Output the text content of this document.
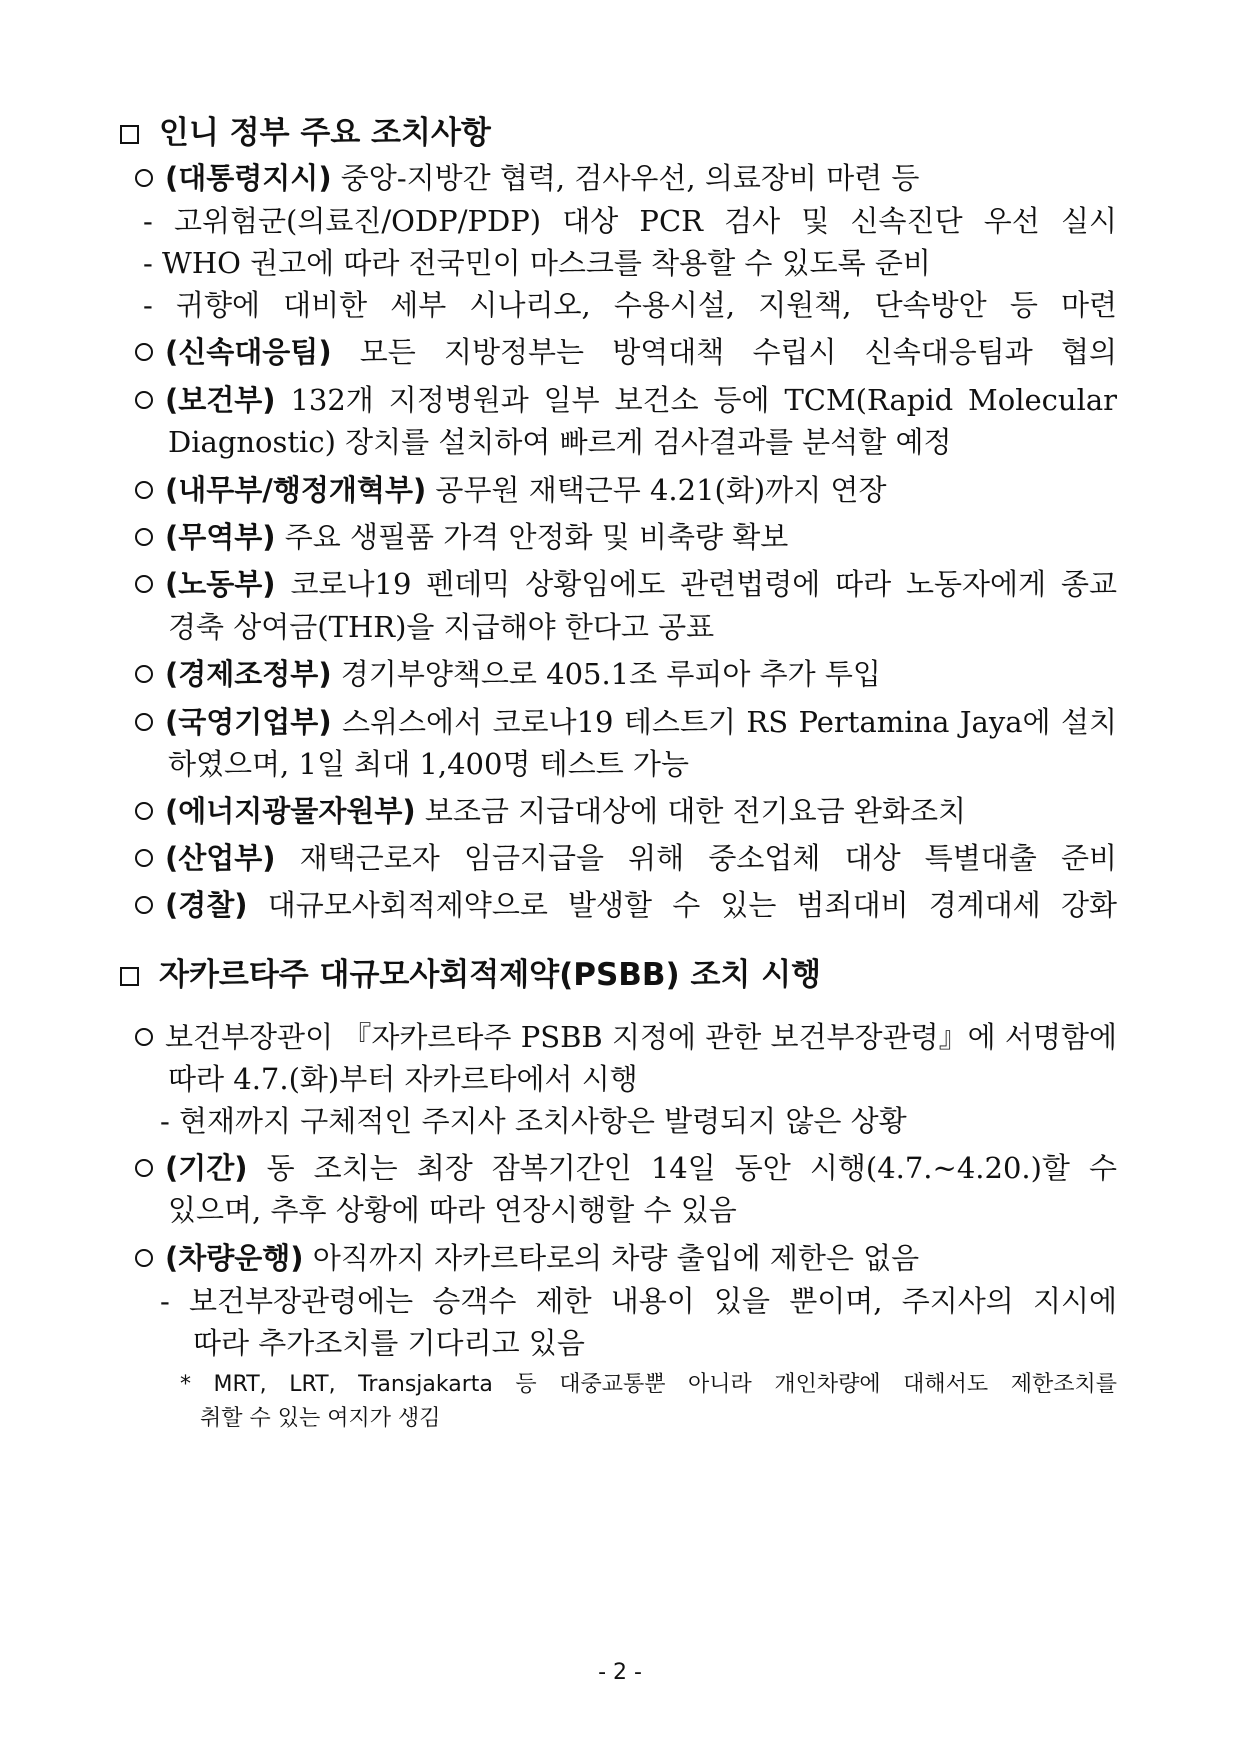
인니 정부 주요 조치사항
(대통령지시) 중앙-지방간 협력, 검사우선, 의료장비 마련 등
- 고위험군(의료진/ODP/PDP) 대상 PCR 검사 및 신속진단 우선 실시
- WHO 권고에 따라 전국민이 마스크를 착용할 수 있도록 준비
- 귀향에 대비한 세부 시나리오, 수용시설, 지원책, 단속방안 등 마련
(신속대응팀) 모든 지방정부는 방역대책 수립시 신속대응팀과 협의
(보건부) 132개 지정병원과 일부 보건소 등에 TCM(Rapid Molecular
Diagnostic) 장치를 설치하여 빠르게 검사결과를 분석할 예정
(내무부/행정개혁부) 공무원 재택근무 4.21(화)까지 연장
(무역부) 주요 생필품 가격 안정화 및 비축량 확보
(노동부) 코로나19 펜데믹 상황임에도 관련법령에 따라 노동자에게 종교
경축 상여금(THR)을 지급해야 한다고 공표
(경제조정부) 경기부양책으로 405.1조 루피아 추가 투입
(국영기업부) 스위스에서 코로나19 테스트기 RS Pertamina Jaya에 설치
하였으며, 1일 최대 1,400명 테스트 가능
(에너지광물자원부) 보조금 지급대상에 대한 전기요금 완화조치
(산업부) 재택근로자 임금지급을 위해 중소업체 대상 특별대출 준비
(경찰) 대규모사회적제약으로 발생할 수 있는 범죄대비 경계대세 강화
자카르타주 대규모사회적제약(PSBB) 조치 시행
보건부장관이 『자카르타주 PSBB 지정에 관한 보건부장관령』에 서명함에
따라 4.7.(화)부터 자카르타에서 시행
- 현재까지 구체적인 주지사 조치사항은 발령되지 않은 상황
(기간) 동 조치는 최장 잠복기간인 14일 동안 시행(4.7.~4.20.)할 수
있으며, 추후 상황에 따라 연장시행할 수 있음
(차량운행) 아직까지 자카르타로의 차량 출입에 제한은 없음
- 보건부장관령에는 승객수 제한 내용이 있을 뿐이며, 주지사의 지시에
따라 추가조치를 기다리고 있음
* MRT, LRT, Transjakarta 등 대중교통뿐 아니라 개인차량에 대해서도 제한조치를
취할 수 있는 여지가 생김
- 2 -
